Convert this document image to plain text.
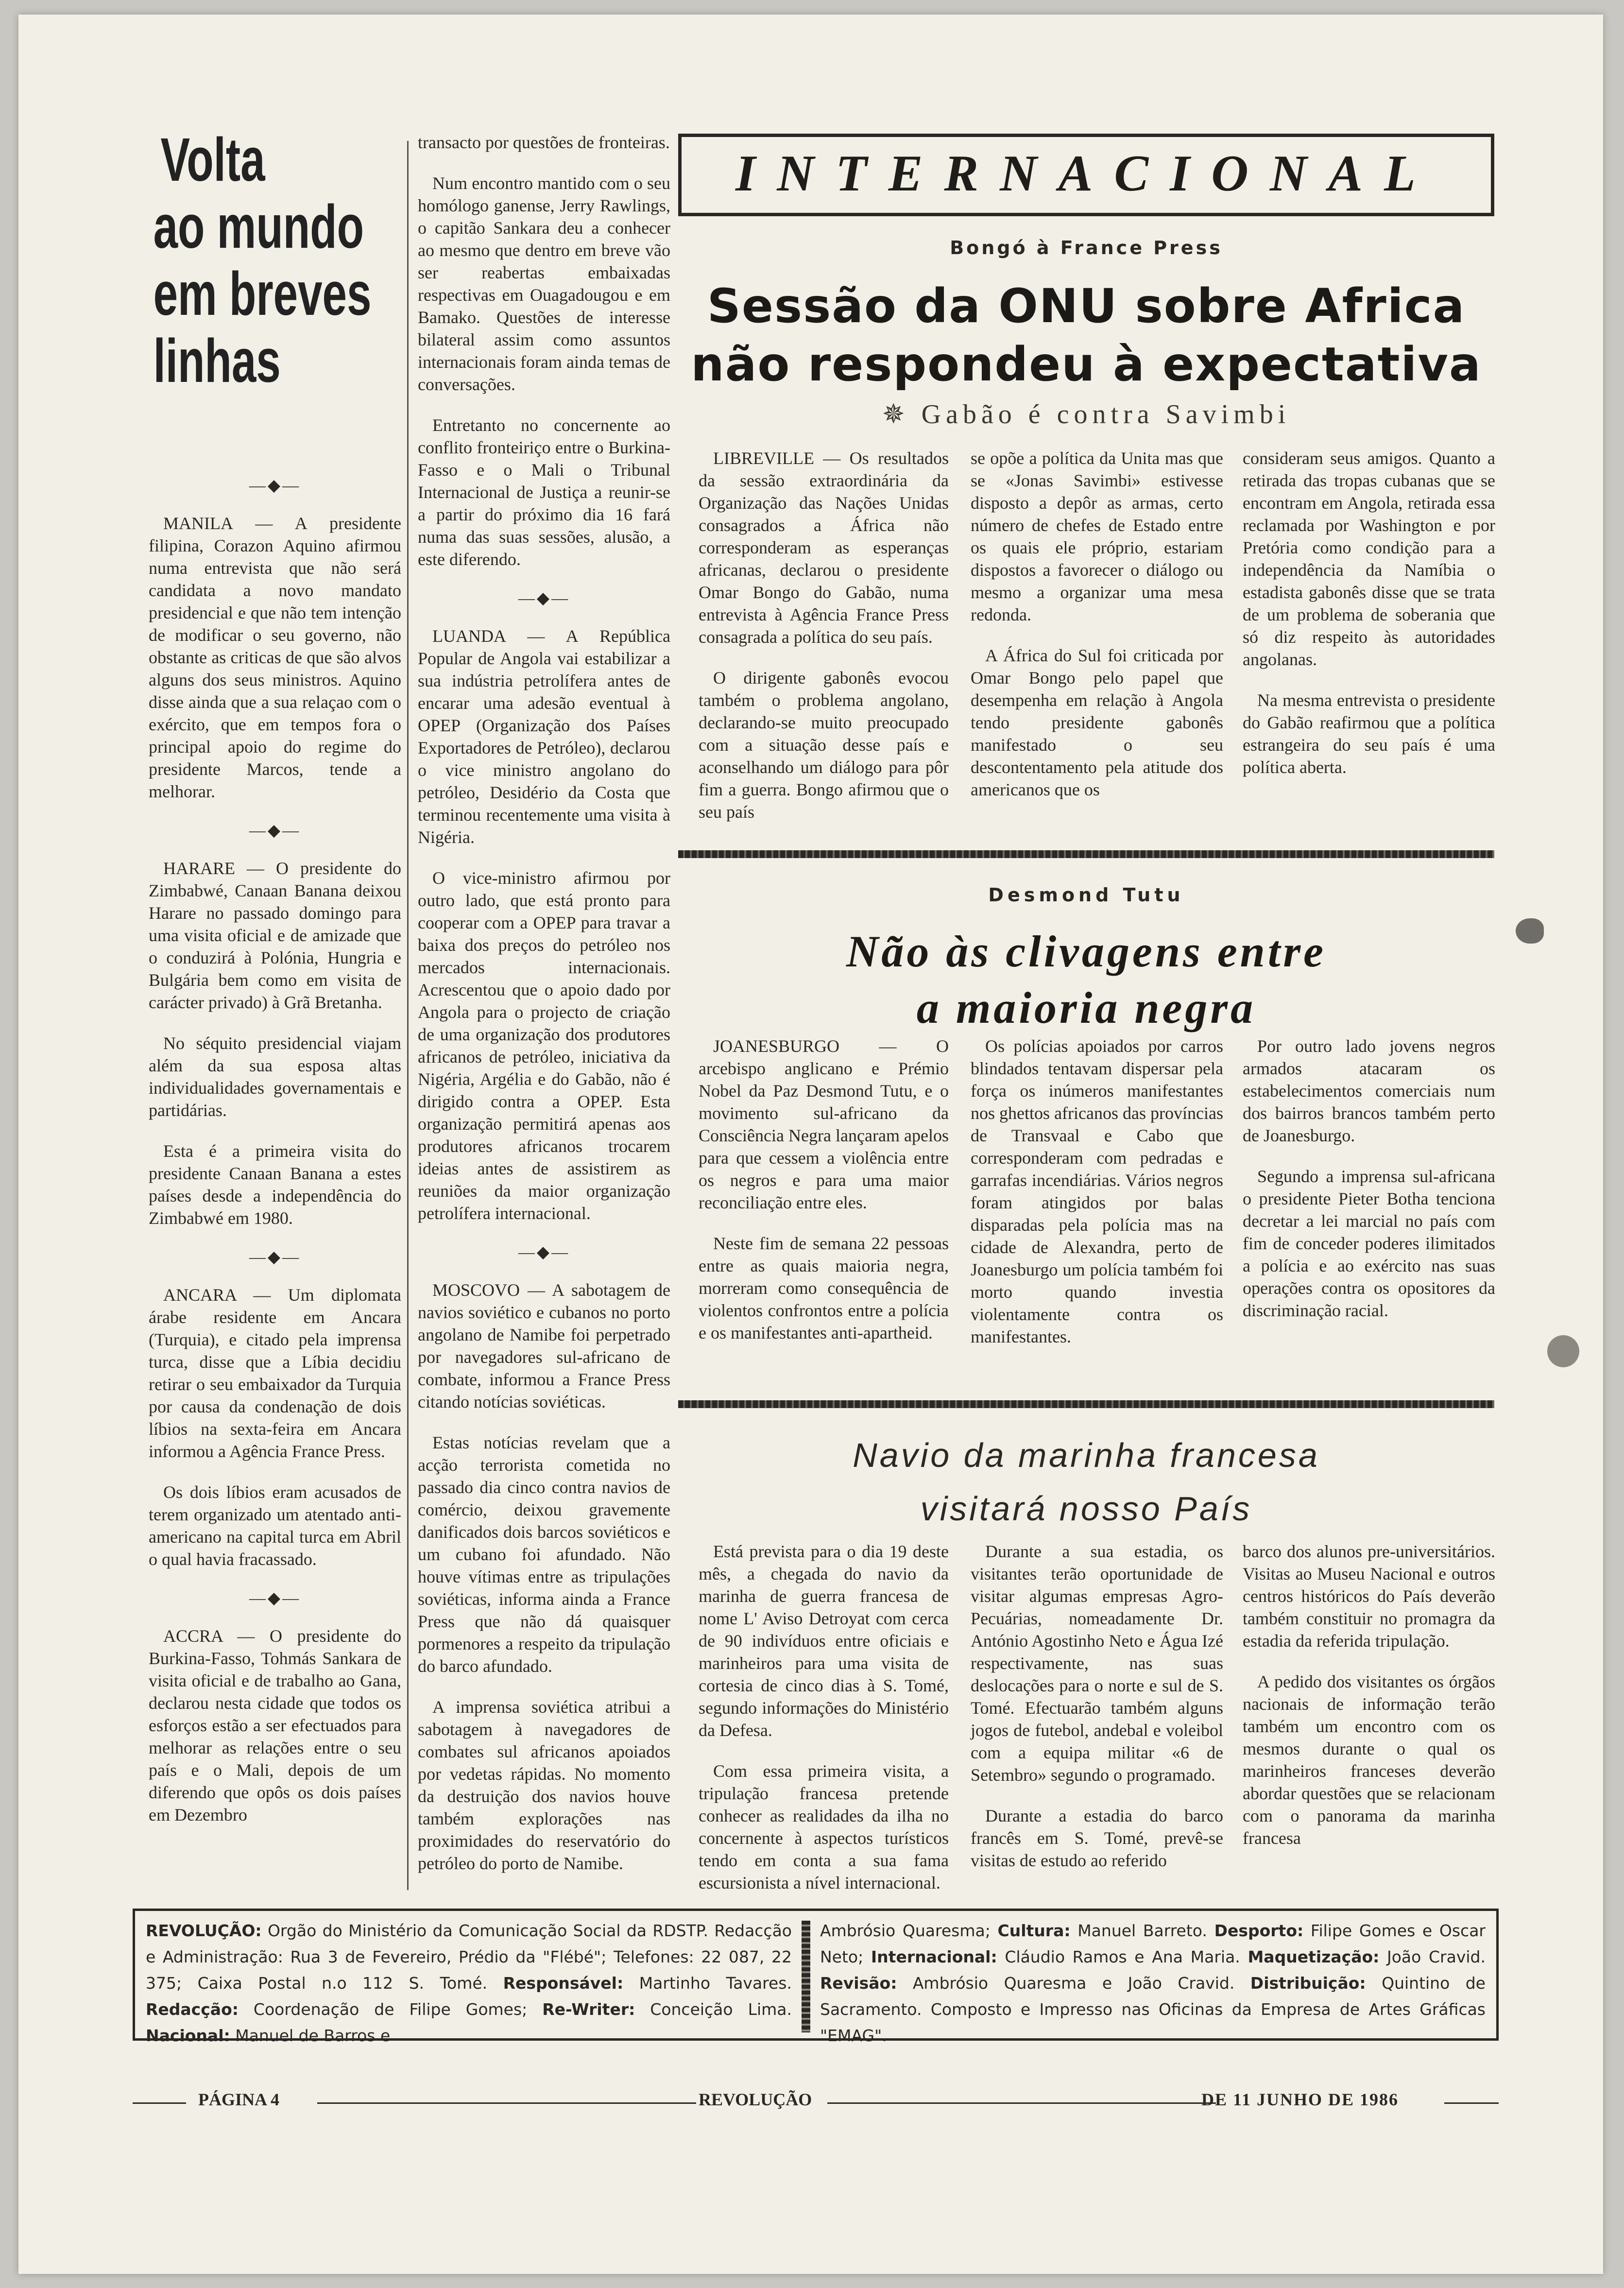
Volta
ao mundo
em breves
linhas
—◆—

MANILA — A presidente filipina, Corazon Aquino afirmou numa entrevista que não será candidata a novo mandato presidencial e que não tem intenção de modificar o seu governo, não obstante as criticas de que são alvos alguns dos seus ministros. Aquino disse ainda que a sua relaçao com o exército, que em tempos fora o principal apoio do regime do presidente Marcos, tende a melhorar.

—◆—

HARARE — O presidente do Zimbabwé, Canaan Banana deixou Harare no passado domingo para uma visita oficial e de amizade que o conduzirá à Polónia, Hungria e Bulgária bem como em visita de carácter privado) à Grã Bretanha.

No séquito presidencial viajam além da sua esposa altas individualidades governamentais e partidárias.

Esta é a primeira visita do presidente Canaan Banana a estes países desde a independência do Zimbabwé em 1980.

—◆—

ANCARA — Um diplomata árabe residente em Ancara (Turquia), e citado pela imprensa turca, disse que a Líbia decidiu retirar o seu embaixador da Turquia por causa da condenação de dois líbios na sexta-feira em Ancara informou a Agência France Press.

Os dois líbios eram acusados de terem organizado um atentado anti-americano na capital turca em Abril o qual havia fracassado.

—◆—

ACCRA — O presidente do Burkina-Fasso, Tohmás Sankara de visita oficial e de trabalho ao Gana, declarou nesta cidade que todos os esforços estão a ser efectuados para melhorar as relações entre o seu país e o Mali, depois de um diferendo que opôs os dois países em Dezembro

transacto por questões de fronteiras.

Num encontro mantido com o seu homólogo ganense, Jerry Rawlings, o capitão Sankara deu a conhecer ao mesmo que dentro em breve vão ser reabertas embaixadas respectivas em Ouagadougou e em Bamako. Questões de interesse bilateral assim como assuntos internacionais foram ainda temas de conversações.

Entretanto no concernente ao conflito fronteiriço entre o Burkina-Fasso e o Mali o Tribunal Internacional de Justiça a reunir-se a partir do próximo dia 16 fará numa das suas sessões, alusão, a este diferendo.

—◆—

LUANDA — A República Popular de Angola vai estabilizar a sua indústria petrolífera antes de encarar uma adesão eventual à OPEP (Organização dos Países Exportadores de Petróleo), declarou o vice ministro angolano do petróleo, Desidério da Costa que terminou recentemente uma visita à Nigéria.

O vice-ministro afirmou por outro lado, que está pronto para cooperar com a OPEP para travar a baixa dos preços do petróleo nos mercados internacionais. Acrescentou que o apoio dado por Angola para o projecto de criação de uma organização dos produtores africanos de petróleo, iniciativa da Nigéria, Argélia e do Gabão, não é dirigido contra a OPEP. Esta organização permitirá apenas aos produtores africanos trocarem ideias antes de assistirem as reuniões da maior organização petrolífera internacional.

—◆—

MOSCOVO — A sabotagem de navios soviético e cubanos no porto angolano de Namibe foi perpetrado por navegadores sul-africano de combate, informou a France Press citando notícias soviéticas.

Estas notícias revelam que a acção terrorista cometida no passado dia cinco contra navios de comércio, deixou gravemente danificados dois barcos soviéticos e um cubano foi afundado. Não houve vítimas entre as tripulações soviéticas, informa ainda a France Press que não dá quaisquer pormenores a respeito da tripulação do barco afundado.

A imprensa soviética atribui a sabotagem à navegadores de combates sul africanos apoiados por vedetas rápidas. No momento da destruição dos navios houve também explorações nas proximidades do reservatório do petróleo do porto de Namibe.

INTERNACIONAL
Bongó à France Press
Sessão da ONU sobre Africa
não respondeu à expectativa
✵ Gabão é contra Savimbi

LIBREVILLE — Os resultados da sessão extraordinária da Organização das Nações Unidas consagrados a África não corresponderam as esperanças africanas, declarou o presidente Omar Bongo do Gabão, numa entrevista à Agência France Press consagrada a política do seu país.

O dirigente gabonês evocou também o problema angolano, declarando-se muito preocupado com a situação desse país e aconselhando um diálogo para pôr fim a guerra. Bongo afirmou que o seu país

se opõe a política da Unita mas que se «Jonas Savimbi» estivesse disposto a depôr as armas, certo número de chefes de Estado entre os quais ele próprio, estariam dispostos a favorecer o diálogo ou mesmo a organizar uma mesa redonda.

A África do Sul foi criticada por Omar Bongo pelo papel que desempenha em relação à Angola tendo presidente gabonês manifestado o seu descontentamento pela atitude dos americanos que os

consideram seus amigos. Quanto a retirada das tropas cubanas que se encontram em Angola, retirada essa reclamada por Washington e por Pretória como condição para a independência da Namíbia o estadista gabonês disse que se trata de um problema de soberania que só diz respeito às autoridades angolanas.

Na mesma entrevista o presidente do Gabão reafirmou que a política estrangeira do seu país é uma política aberta.

Desmond Tutu
Não às clivagens entre
a maioria negra

JOANESBURGO — O arcebispo anglicano e Prémio Nobel da Paz Desmond Tutu, e o movimento sul-africano da Consciência Negra lançaram apelos para que cessem a violência entre os negros e para uma maior reconciliação entre eles.

Neste fim de semana 22 pessoas entre as quais maioria negra, morreram como consequência de violentos confrontos entre a polícia e os manifestantes anti-apartheid.

Os polícias apoiados por carros blindados tentavam dispersar pela força os inúmeros manifestantes nos ghettos africanos das províncias de Transvaal e Cabo que corresponderam com pedradas e garrafas incendiárias. Vários negros foram atingidos por balas disparadas pela polícia mas na cidade de Alexandra, perto de Joanesburgo um polícia também foi morto quando investia violentamente contra os manifestantes.

Por outro lado jovens negros armados atacaram os estabelecimentos comerciais num dos bairros brancos também perto de Joanesburgo.

Segundo a imprensa sul-africana o presidente Pieter Botha tenciona decretar a lei marcial no país com fim de conceder poderes ilimitados a polícia e ao exército nas suas operações contra os opositores da discriminação racial.

Navio da marinha francesa
visitará nosso País

Está prevista para o dia 19 deste mês, a chegada do navio da marinha de guerra francesa de nome L' Aviso Detroyat com cerca de 90 indivíduos entre oficiais e marinheiros para uma visita de cortesia de cinco dias à S. Tomé, segundo informações do Ministério da Defesa.

Com essa primeira visita, a tripulação francesa pretende conhecer as realidades da ilha no concernente à aspectos turísticos tendo em conta a sua fama escursionista a nível internacional.

Durante a sua estadia, os visitantes terão oportunidade de visitar algumas empresas Agro-Pecuárias, nomeadamente Dr. António Agostinho Neto e Água Izé respectivamente, nas suas deslocações para o norte e sul de S. Tomé. Efectuarão também alguns jogos de futebol, andebal e voleibol com a equipa militar «6 de Setembro» segundo o programado.

Durante a estadia do barco francês em S. Tomé, prevê-se visitas de estudo ao referido

barco dos alunos pre-universitários. Visitas ao Museu Nacional e outros centros históricos do País deverão também constituir no promagra da estadia da referida tripulação.

A pedido dos visitantes os órgãos nacionais de informação terão também um encontro com os mesmos durante o qual os marinheiros franceses deverão abordar questões que se relacionam com o panorama da marinha francesa

REVOLUÇÃO: Orgão do Ministério da Comunicação Social da RDSTP. Redacção e Administração: Rua 3 de Fevereiro, Prédio da "Flébé"; Telefones: 22 087, 22 375; Caixa Postal n.o 112 S. Tomé. Responsável: Martinho Tavares. Redacção: Coordenação de Filipe Gomes; Re-Writer: Conceição Lima. Nacional: Manuel de Barros e
Ambrósio Quaresma; Cultura: Manuel Barreto. Desporto: Filipe Gomes e Oscar Neto; Internacional: Cláudio Ramos e Ana Maria. Maquetização: João Cravid. Revisão: Ambrósio Quaresma e João Cravid. Distribuição: Quintino de Sacramento. Composto e Impresso nas Oficinas da Empresa de Artes Gráficas "EMAG".
PÁGINA 4	REVOLUÇÃO	DE 11 JUNHO DE 1986
